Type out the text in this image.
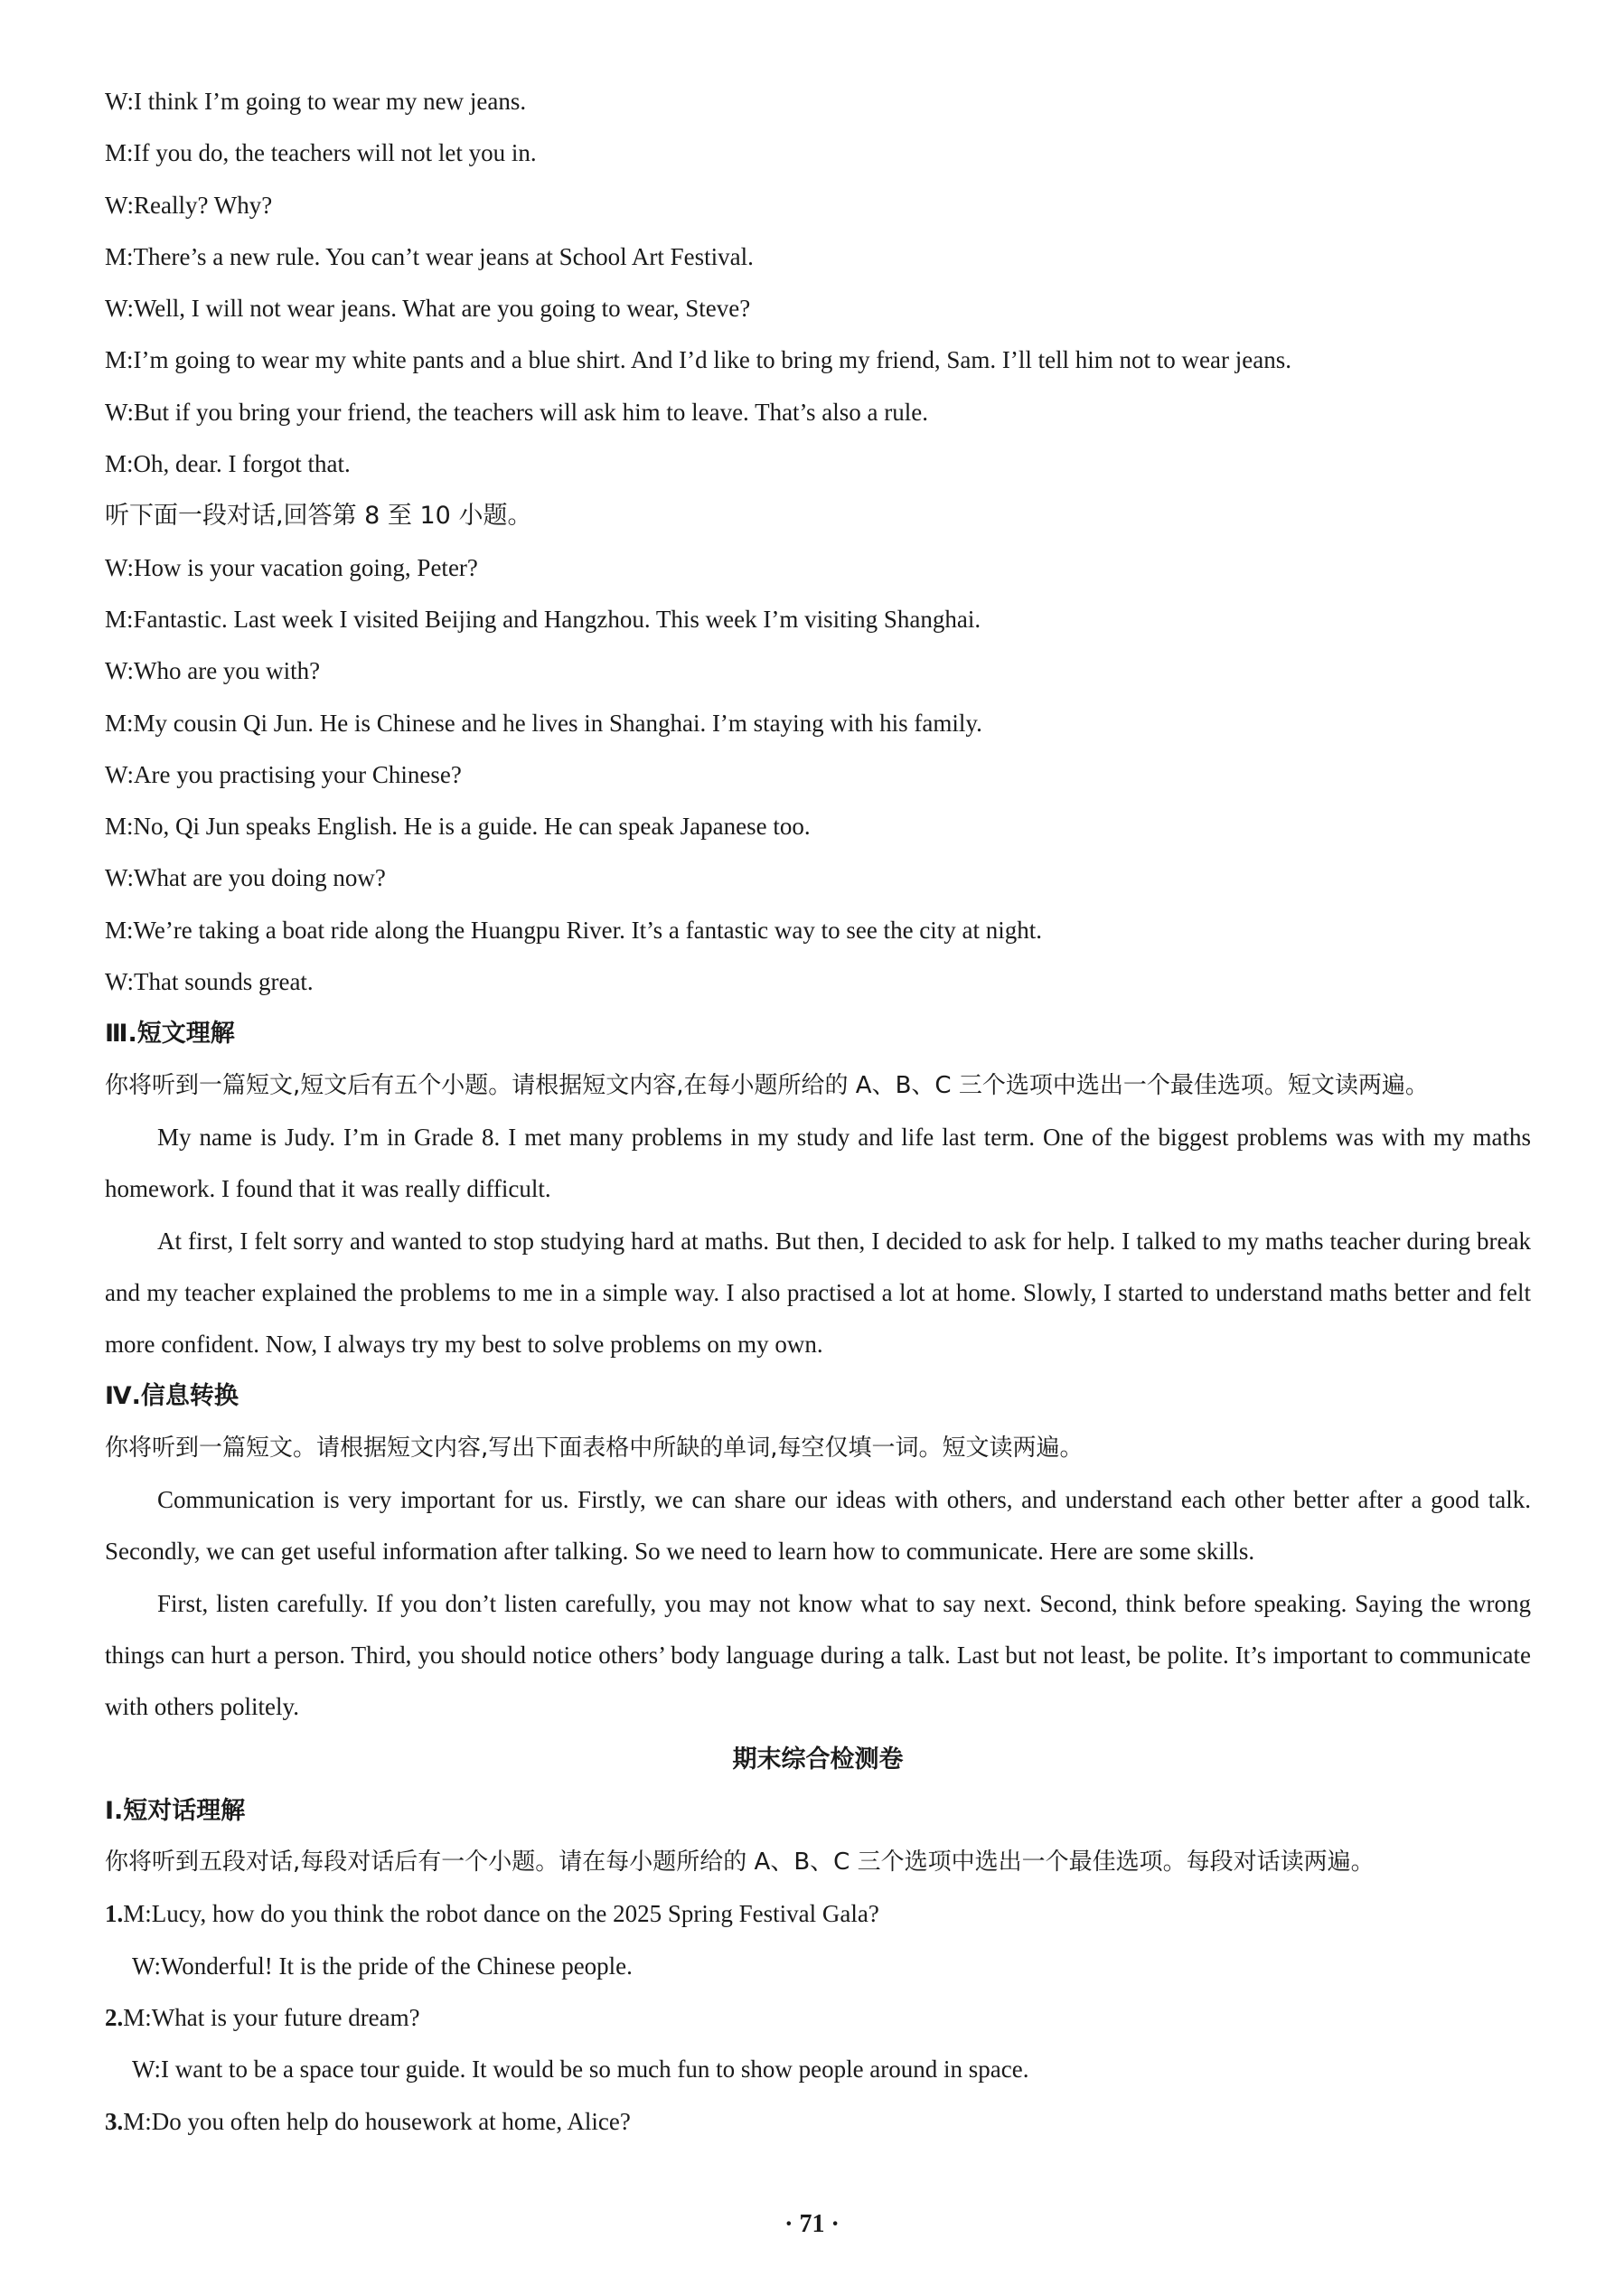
W:I think I’m going to wear my new jeans.
M:If you do, the teachers will not let you in.
W:Really? Why?
M:There’s a new rule. You can’t wear jeans at School Art Festival.
W:Well, I will not wear jeans. What are you going to wear, Steve?
M:I’m going to wear my white pants and a blue shirt. And I’d like to bring my friend, Sam. I’ll tell him not to wear jeans.
W:But if you bring your friend, the teachers will ask him to leave. That’s also a rule.
M:Oh, dear. I forgot that.
听下面一段对话,回答第 8 至 10 小题。
W:How is your vacation going, Peter?
M:Fantastic. Last week I visited Beijing and Hangzhou. This week I’m visiting Shanghai.
W:Who are you with?
M:My cousin Qi Jun. He is Chinese and he lives in Shanghai. I’m staying with his family.
W:Are you practising your Chinese?
M:No, Qi Jun speaks English. He is a guide. He can speak Japanese too.
W:What are you doing now?
M:We’re taking a boat ride along the Huangpu River. It’s a fantastic way to see the city at night.
W:That sounds great.
Ⅲ.短文理解
你将听到一篇短文,短文后有五个小题。请根据短文内容,在每小题所给的 A、B、C 三个选项中选出一个最佳选项。短文读两遍。
My name is Judy. I’m in Grade 8. I met many problems in my study and life last term. One of the biggest problems was with my maths homework. I found that it was really difficult.
At first, I felt sorry and wanted to stop studying hard at maths. But then, I decided to ask for help. I talked to my maths teacher during break and my teacher explained the problems to me in a simple way. I also practised a lot at home. Slowly, I started to understand maths better and felt more confident. Now, I always try my best to solve problems on my own.
Ⅳ.信息转换
你将听到一篇短文。请根据短文内容,写出下面表格中所缺的单词,每空仅填一词。短文读两遍。
Communication is very important for us. Firstly, we can share our ideas with others, and understand each other better after a good talk. Secondly, we can get useful information after talking. So we need to learn how to communicate. Here are some skills.
First, listen carefully. If you don’t listen carefully, you may not know what to say next. Second, think before speaking. Saying the wrong things can hurt a person. Third, you should notice others’ body language during a talk. Last but not least, be polite. It’s important to communicate with others politely.
期末综合检测卷
Ⅰ.短对话理解
你将听到五段对话,每段对话后有一个小题。请在每小题所给的 A、B、C 三个选项中选出一个最佳选项。每段对话读两遍。
1.M:Lucy, how do you think the robot dance on the 2025 Spring Festival Gala?
W:Wonderful! It is the pride of the Chinese people.
2.M:What is your future dream?
W:I want to be a space tour guide. It would be so much fun to show people around in space.
3.M:Do you often help do housework at home, Alice?
· 71 ·
